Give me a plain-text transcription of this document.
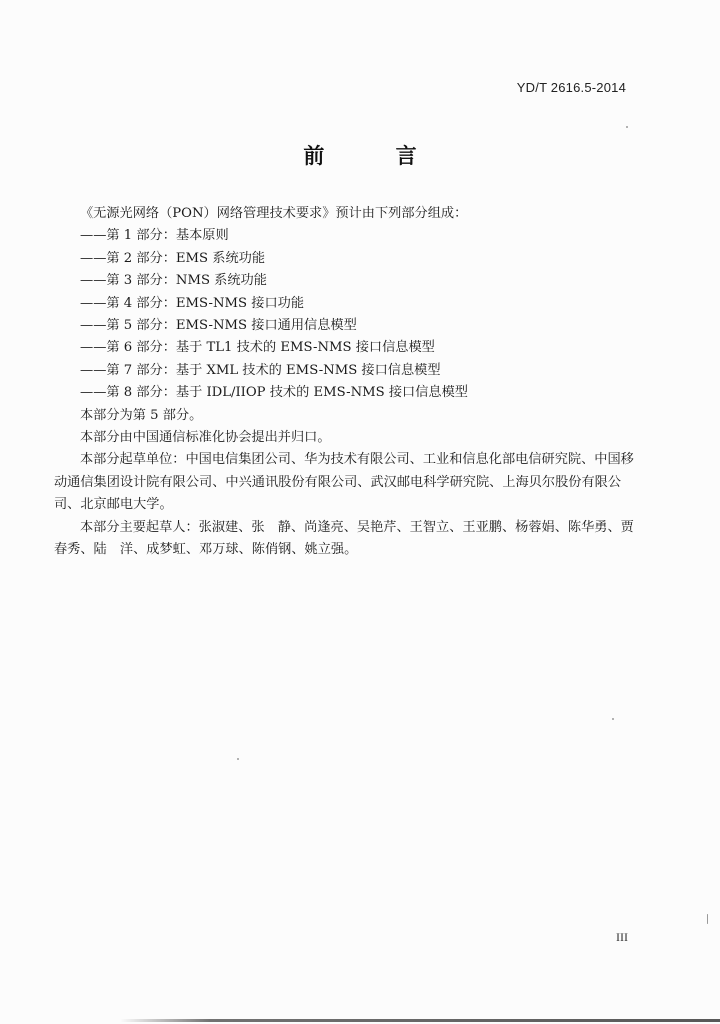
YD/T 2616.5-2014
前 言

《无源光网络（PON）网络管理技术要求》预计由下列部分组成：

——第 1 部分：基本原则

——第 2 部分：EMS 系统功能

——第 3 部分：NMS 系统功能

——第 4 部分：EMS-NMS 接口功能

——第 5 部分：EMS-NMS 接口通用信息模型

——第 6 部分：基于 TL1 技术的 EMS-NMS 接口信息模型

——第 7 部分：基于 XML 技术的 EMS-NMS 接口信息模型

——第 8 部分：基于 IDL/IIOP 技术的 EMS-NMS 接口信息模型

本部分为第 5 部分。

本部分由中国通信标准化协会提出并归口。

本部分起草单位：中国电信集团公司、华为技术有限公司、工业和信息化部电信研究院、中国移动通信集团设计院有限公司、中兴通讯股份有限公司、武汉邮电科学研究院、上海贝尔股份有限公司、北京邮电大学。

本部分主要起草人：张淑建、张　静、尚逢亮、吴艳芹、王智立、王亚鹏、杨蓉娟、陈华勇、贾春秀、陆　洋、成梦虹、邓万球、陈俏钢、姚立强。

III
